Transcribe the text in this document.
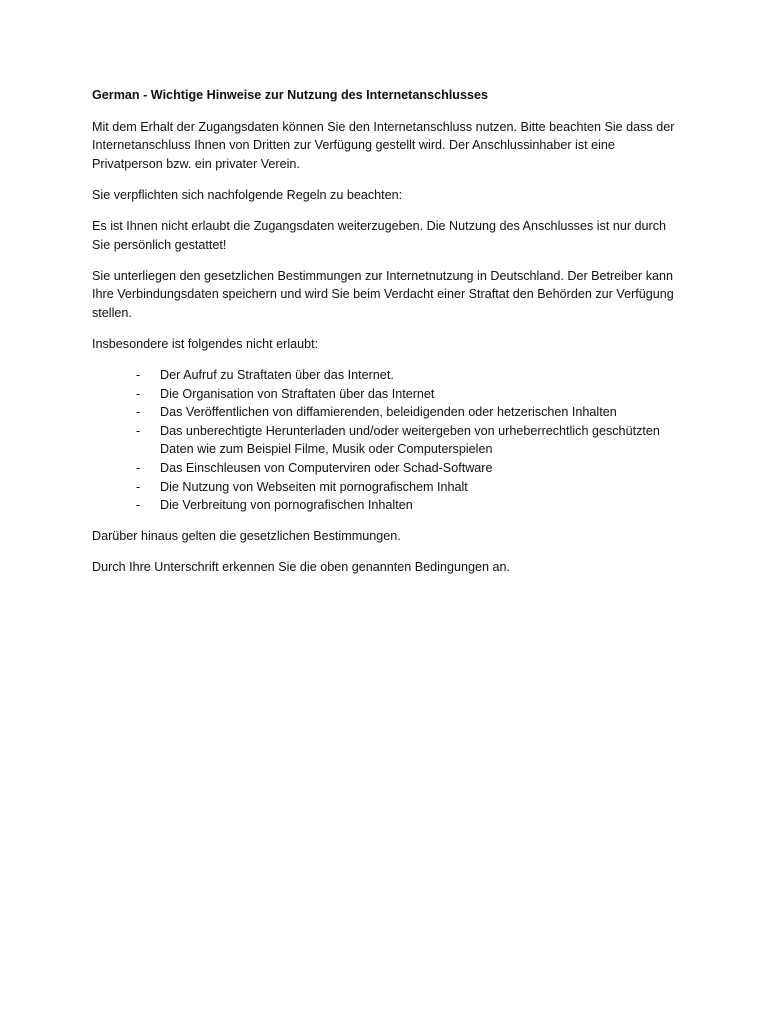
German - Wichtige Hinweise zur Nutzung des Internetanschlusses

Mit dem Erhalt der Zugangsdaten können Sie den Internetanschluss nutzen. Bitte beachten Sie dass der Internetanschluss Ihnen von Dritten zur Verfügung gestellt wird. Der Anschlussinhaber ist eine Privatperson bzw. ein privater Verein.

Sie verpflichten sich nachfolgende Regeln zu beachten:

Es ist Ihnen nicht erlaubt die Zugangsdaten weiterzugeben. Die Nutzung des Anschlusses ist nur durch Sie persönlich gestattet!

Sie unterliegen den gesetzlichen Bestimmungen zur Internetnutzung in Deutschland. Der Betreiber kann Ihre Verbindungsdaten speichern und wird Sie beim Verdacht einer Straftat den Behörden zur Verfügung stellen.

Insbesondere ist folgendes nicht erlaubt:

- Der Aufruf zu Straftaten über das Internet.
- Die Organisation von Straftaten über das Internet
- Das Veröffentlichen von diffamierenden, beleidigenden oder hetzerischen Inhalten
- Das unberechtigte Herunterladen und/oder weitergeben von urheberrechtlich geschützten Daten wie zum Beispiel Filme, Musik oder Computerspielen
- Das Einschleusen von Computerviren oder Schad-Software
- Die Nutzung von Webseiten mit pornografischem Inhalt
- Die Verbreitung von pornografischen Inhalten

Darüber hinaus gelten die gesetzlichen Bestimmungen.

Durch Ihre Unterschrift erkennen Sie die oben genannten Bedingungen an.
